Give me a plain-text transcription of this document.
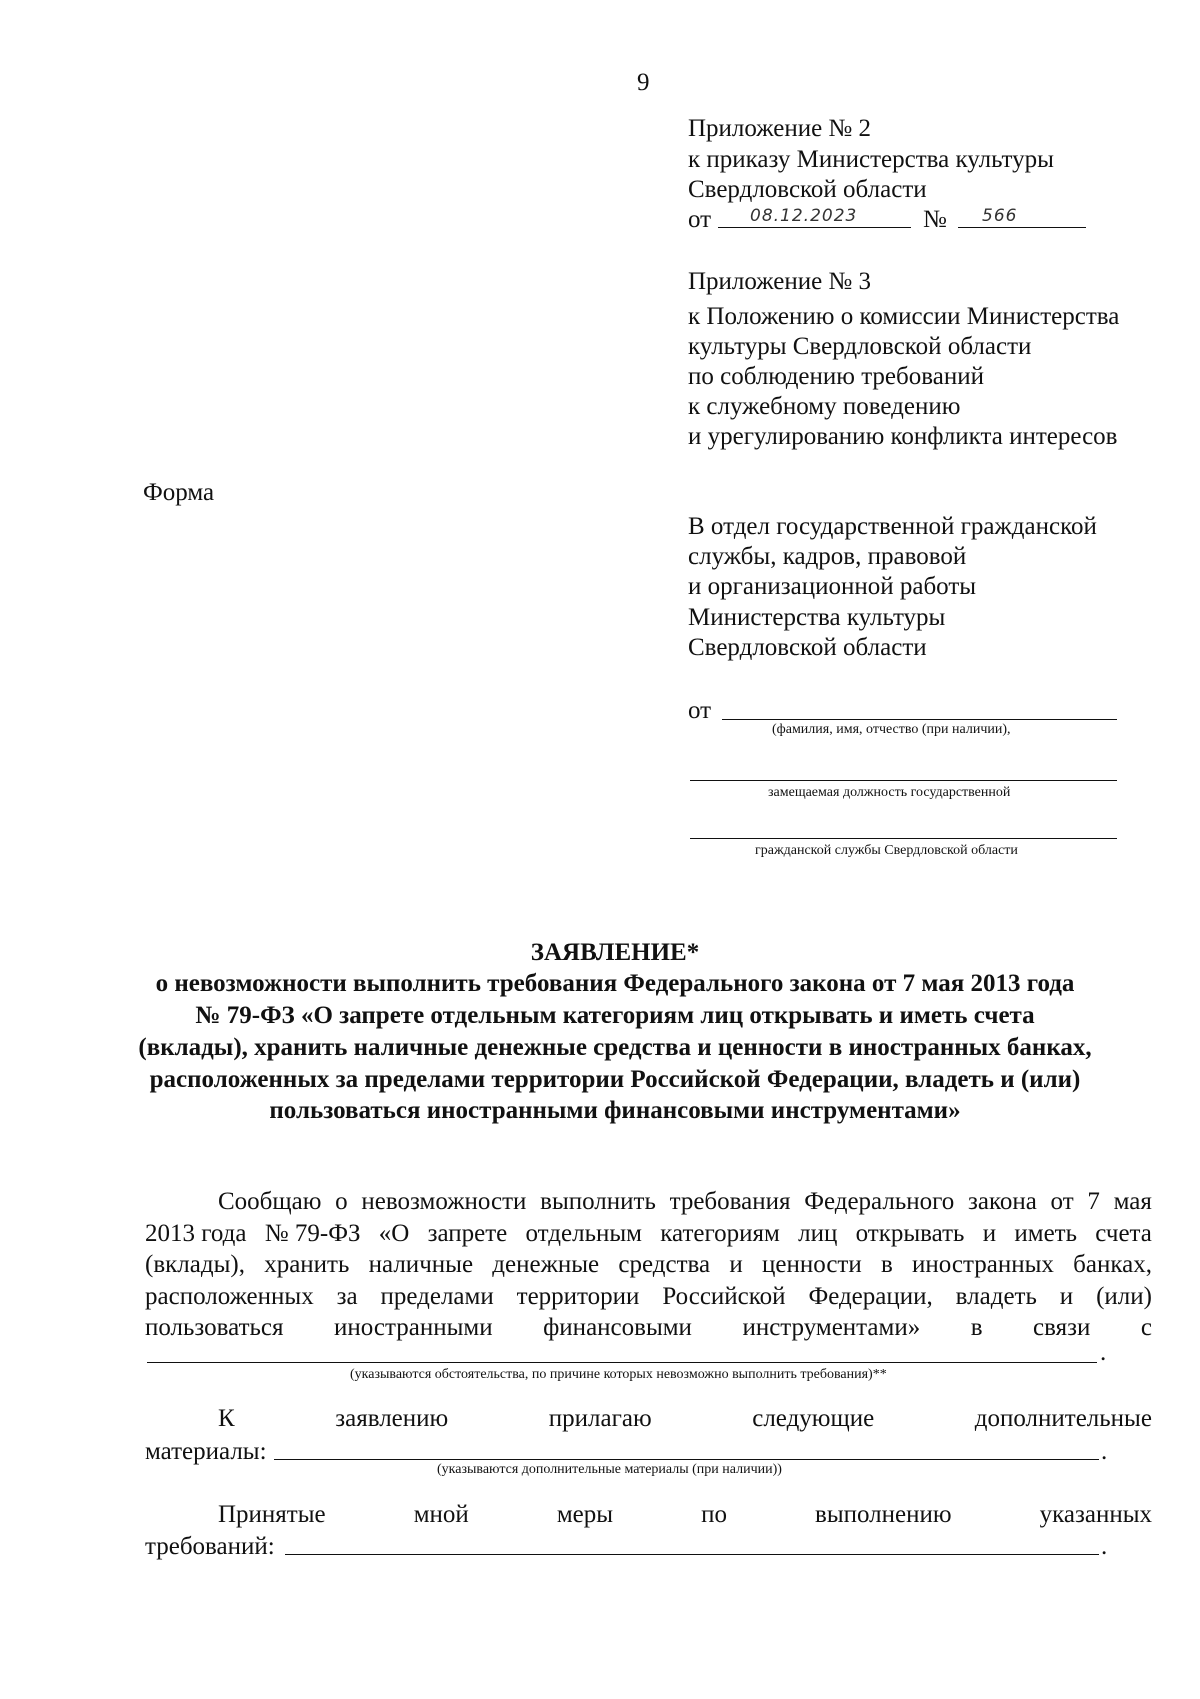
9
Приложение № 2
к приказу Министерства культуры
Свердловской области
от 08.12.2023	№ 566
Приложение № 3
к Положению о комиссии Министерства
культуры Свердловской области
по соблюдению требований
к служебному поведению
и урегулированию конфликта интересов
Форма
В отдел государственной гражданской
службы, кадров, правовой
и организационной работы
Министерства культуры
Свердловской области
от
(фамилия, имя, отчество (при наличии),
замещаемая должность государственной
гражданской службы Свердловской области
ЗАЯВЛЕНИЕ*
о невозможности выполнить требования Федерального закона от 7 мая 2013 года
№ 79-ФЗ «О запрете отдельным категориям лиц открывать и иметь счета
(вклады), хранить наличные денежные средства и ценности в иностранных банках,
расположенных за пределами территории Российской Федерации, владеть и (или)
пользоваться иностранными финансовыми инструментами»
Сообщаю о невозможности выполнить требования Федерального закона от 7 мая
2013 года № 79-ФЗ «О запрете отдельным категориям лиц открывать и иметь счета
(вклады), хранить наличные денежные средства и ценности в иностранных банках,
расположенных за пределами территории Российской Федерации, владеть и (или)
пользоваться иностранными финансовыми инструментами» в связи с
.
(указываются обстоятельства, по причине которых невозможно выполнить требования)**
К	заявлению	прилагаю	следующие	дополнительные
материалы:	.
(указываются дополнительные материалы (при наличии))
Принятые	мной	меры	по	выполнению	указанных
требований:	.
